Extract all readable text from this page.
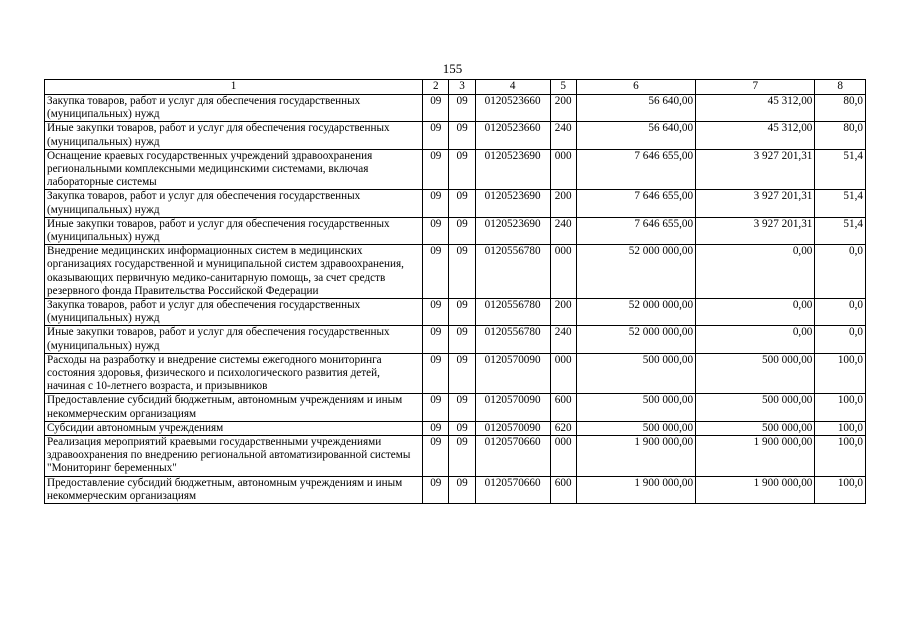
155
1	2	3	4	5	6	7	8
Закупка товаров, работ и услуг для обеспечения государственных (муниципальных) нужд	09	09	0120523660	200	56 640,00	45 312,00	80,0
Иные закупки товаров, работ и услуг для обеспечения государственных (муниципальных) нужд	09	09	0120523660	240	56 640,00	45 312,00	80,0
Оснащение краевых государственных учреждений здравоохранения региональными комплексными медицинскими системами, включая лабораторные системы	09	09	0120523690	000	7 646 655,00	3 927 201,31	51,4
Закупка товаров, работ и услуг для обеспечения государственных (муниципальных) нужд	09	09	0120523690	200	7 646 655,00	3 927 201,31	51,4
Иные закупки товаров, работ и услуг для обеспечения государственных (муниципальных) нужд	09	09	0120523690	240	7 646 655,00	3 927 201,31	51,4
Внедрение медицинских информационных систем в медицинских организациях государственной и муниципальной систем здравоохранения, оказывающих первичную медико-санитарную помощь, за счет средств резервного фонда Правительства Российской Федерации	09	09	0120556780	000	52 000 000,00	0,00	0,0
Закупка товаров, работ и услуг для обеспечения государственных (муниципальных) нужд	09	09	0120556780	200	52 000 000,00	0,00	0,0
Иные закупки товаров, работ и услуг для обеспечения государственных (муниципальных) нужд	09	09	0120556780	240	52 000 000,00	0,00	0,0
Расходы на разработку и внедрение системы ежегодного мониторинга состояния здоровья, физического и психологического развития детей, начиная с 10-летнего возраста, и призывников	09	09	0120570090	000	500 000,00	500 000,00	100,0
Предоставление субсидий бюджетным, автономным учреждениям и иным некоммерческим организациям	09	09	0120570090	600	500 000,00	500 000,00	100,0
Субсидии автономным учреждениям	09	09	0120570090	620	500 000,00	500 000,00	100,0
Реализация мероприятий краевыми государственными учреждениями здравоохранения по внедрению региональной автоматизированной системы "Мониторинг беременных"	09	09	0120570660	000	1 900 000,00	1 900 000,00	100,0
Предоставление субсидий бюджетным, автономным учреждениям и иным некоммерческим организациям	09	09	0120570660	600	1 900 000,00	1 900 000,00	100,0
